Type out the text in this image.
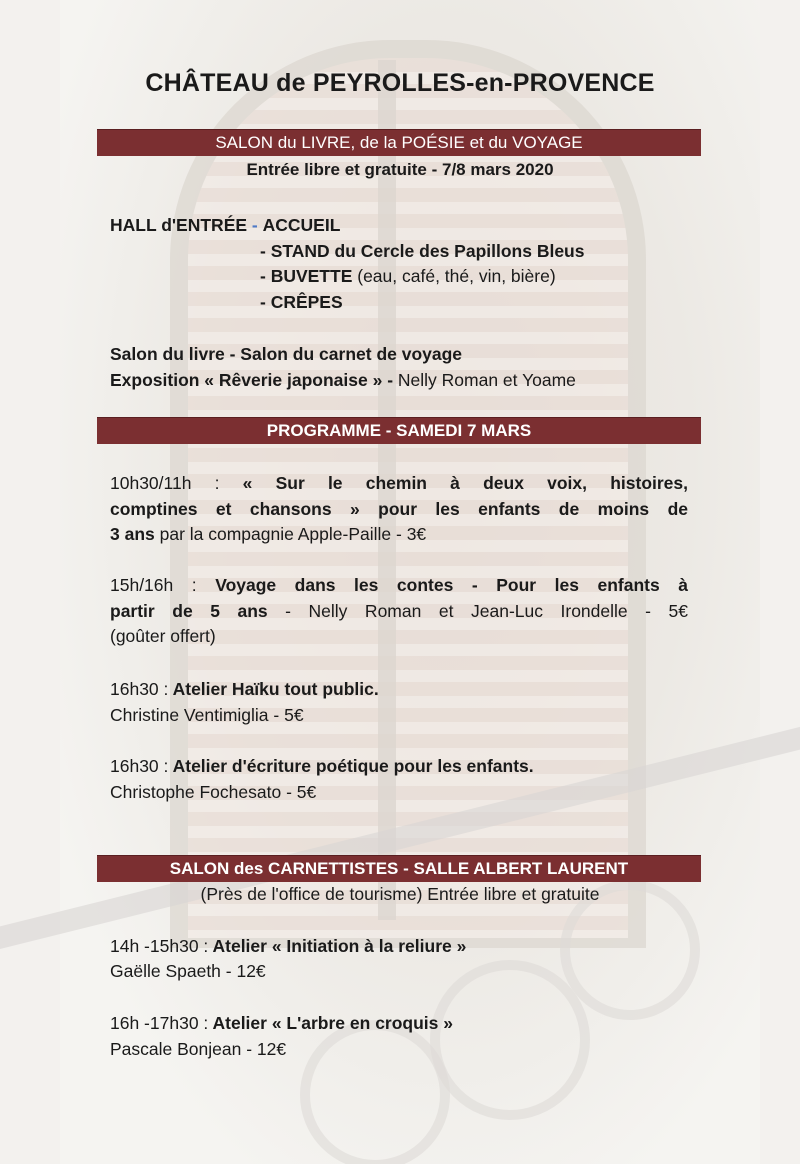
CHÂTEAU de PEYROLLES-en-PROVENCE
SALON du LIVRE, de la POÉSIE et du VOYAGE
Entrée libre et gratuite - 7/8 mars 2020
HALL d'ENTRÉE - ACCUEIL
- STAND du Cercle des Papillons Bleus
- BUVETTE (eau, café, thé, vin, bière)
- CRÊPES
Salon du livre - Salon du carnet de voyage
Exposition « Rêverie japonaise » - Nelly Roman et Yoame
PROGRAMME - SAMEDI 7 MARS
10h30/11h : « Sur le chemin à deux voix, histoires,
comptines et chansons » pour les enfants de moins de
3 ans par la compagnie Apple-Paille - 3€
15h/16h : Voyage dans les contes - Pour les enfants à
partir de 5 ans - Nelly Roman et Jean-Luc Irondelle - 5€
(goûter offert)
16h30 : Atelier Haïku tout public.
Christine Ventimiglia - 5€
16h30 : Atelier d'écriture poétique pour les enfants.
Christophe Fochesato - 5€
SALON des CARNETTISTES - SALLE ALBERT LAURENT
(Près de l'office de tourisme) Entrée libre et gratuite
14h -15h30 : Atelier « Initiation à la reliure »
Gaëlle Spaeth - 12€
16h -17h30 : Atelier « L'arbre en croquis »
Pascale Bonjean - 12€
